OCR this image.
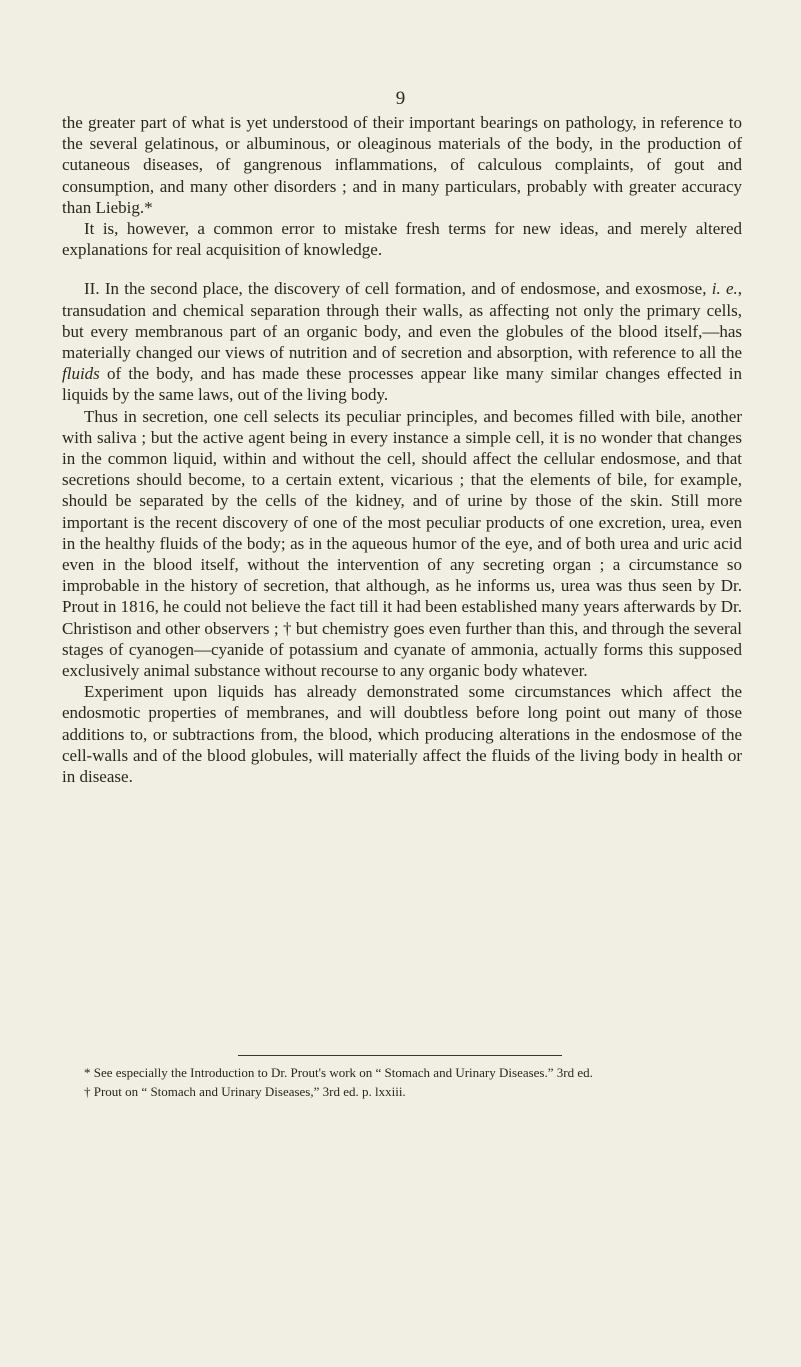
9

the greater part of what is yet understood of their important bearings on pathology, in reference to the several gelatinous, or albuminous, or oleaginous materials of the body, in the production of cutaneous diseases, of gangrenous inflammations, of calculous complaints, of gout and consumption, and many other disorders ; and in many particulars, probably with greater accuracy than Liebig.*

It is, however, a common error to mistake fresh terms for new ideas, and merely altered explanations for real acquisition of knowledge.

II. In the second place, the discovery of cell formation, and of endosmose, and exosmose, i. e., transudation and chemical separation through their walls, as affecting not only the primary cells, but every membranous part of an organic body, and even the globules of the blood itself,—has materially changed our views of nutrition and of secretion and absorption, with reference to all the fluids of the body, and has made these processes appear like many similar changes effected in liquids by the same laws, out of the living body.

Thus in secretion, one cell selects its peculiar principles, and becomes filled with bile, another with saliva ; but the active agent being in every instance a simple cell, it is no wonder that changes in the common liquid, within and without the cell, should affect the cellular endosmose, and that secretions should become, to a certain extent, vicarious ; that the elements of bile, for example, should be separated by the cells of the kidney, and of urine by those of the skin. Still more important is the recent discovery of one of the most peculiar products of one excretion, urea, even in the healthy fluids of the body; as in the aqueous humor of the eye, and of both urea and uric acid even in the blood itself, without the intervention of any secreting organ ; a circumstance so improbable in the history of secretion, that although, as he informs us, urea was thus seen by Dr. Prout in 1816, he could not believe the fact till it had been established many years afterwards by Dr. Christison and other observers ; † but chemistry goes even further than this, and through the several stages of cyanogen—cyanide of potassium and cyanate of ammonia, actually forms this supposed exclusively animal substance without recourse to any organic body whatever.

Experiment upon liquids has already demonstrated some circumstances which affect the endosmotic properties of membranes, and will doubtless before long point out many of those additions to, or subtractions from, the blood, which producing alterations in the endosmose of the cell-walls and of the blood globules, will materially affect the fluids of the living body in health or in disease.

* See especially the Introduction to Dr. Prout's work on “ Stomach and Urinary Diseases.” 3rd ed.

† Prout on “ Stomach and Urinary Diseases,” 3rd ed. p. lxxiii.
